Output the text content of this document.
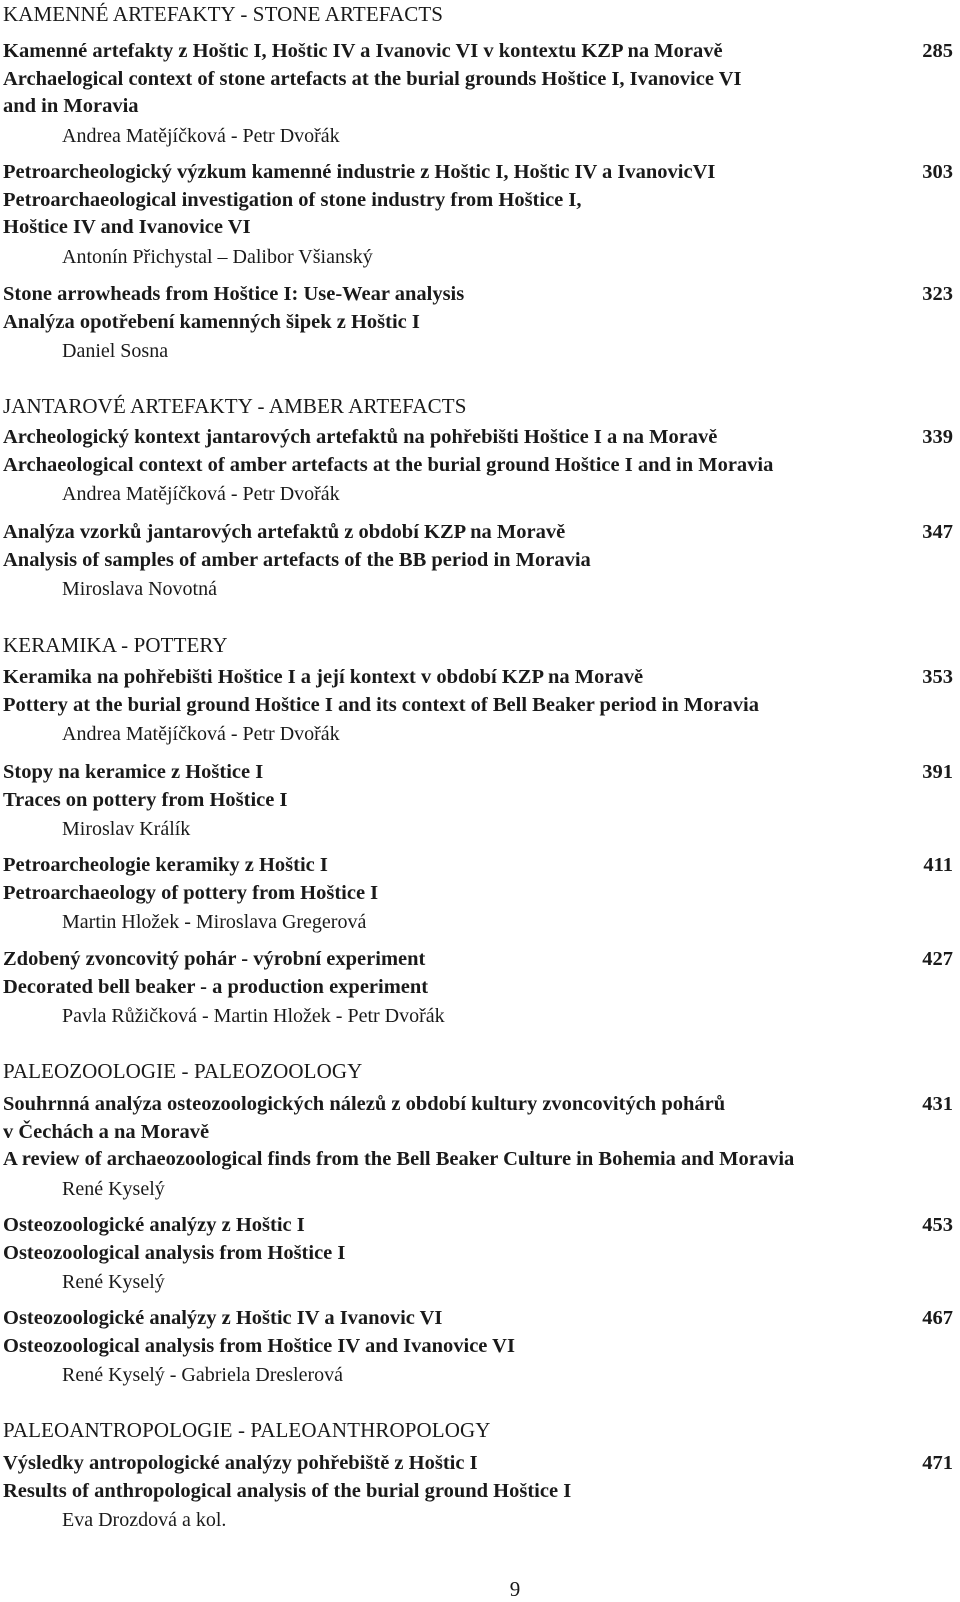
KAMENNÉ ARTEFAKTY - STONE ARTEFACTS
Kamenné artefakty z Hoštic I, Hoštic IV a Ivanovic VI v kontextu KZP na Moravě
Archaelogical context of stone artefacts at the burial grounds Hoštice I, Ivanovice VI
and in Moravia
Andrea Matějíčková - Petr Dvořák
285
Petroarcheologický výzkum kamenné industrie z Hoštic I, Hoštic IV a IvanovicVI
Petroarchaeological investigation of stone industry from Hoštice I,
Hoštice IV and Ivanovice VI
Antonín Přichystal – Dalibor Všianský
303
Stone arrowheads from Hoštice I: Use-Wear analysis
Analýza opotřebení kamenných šipek z Hoštic I
Daniel Sosna
323
JANTAROVÉ ARTEFAKTY - AMBER ARTEFACTS
Archeologický kontext jantarových artefaktů na pohřebišti Hoštice I a na Moravě
Archaeological context of amber artefacts at the burial ground Hoštice I and in Moravia
Andrea Matějíčková - Petr Dvořák
339
Analýza vzorků jantarových artefaktů z období KZP na Moravě
Analysis of samples of amber artefacts of the BB period in Moravia
Miroslava Novotná
347
KERAMIKA - POTTERY
Keramika na pohřebišti Hoštice I a její kontext v období KZP na Moravě
Pottery at the burial ground Hoštice I and its context of Bell Beaker period in Moravia
Andrea Matějíčková - Petr Dvořák
353
Stopy na keramice z Hoštice I
Traces on pottery from Hoštice I
Miroslav Králík
391
Petroarcheologie keramiky z Hoštic I
Petroarchaeology of pottery from Hoštice I
Martin Hložek - Miroslava Gregerová
411
Zdobený zvoncovitý pohár - výrobní experiment
Decorated bell beaker - a production experiment
Pavla Růžičková - Martin Hložek - Petr Dvořák
427
PALEOZOOLOGIE - PALEOZOOLOGY
Souhrnná analýza osteozoologických nálezů z období kultury zvoncovitých pohárů
v Čechách a na Moravě
A review of archaeozoological finds from the Bell Beaker Culture in Bohemia and Moravia
René Kyselý
431
Osteozoologické analýzy z Hoštic I
Osteozoological analysis from Hoštice I
René Kyselý
453
Osteozoologické analýzy z Hoštic IV a Ivanovic VI
Osteozoological analysis from Hoštice IV and Ivanovice VI
René Kyselý - Gabriela Dreslerová
467
PALEOANTROPOLOGIE - PALEOANTHROPOLOGY
Výsledky antropologické analýzy pohřebiště z Hoštic I
Results of anthropological analysis of the burial ground Hoštice I
Eva Drozdová a kol.
471
9
